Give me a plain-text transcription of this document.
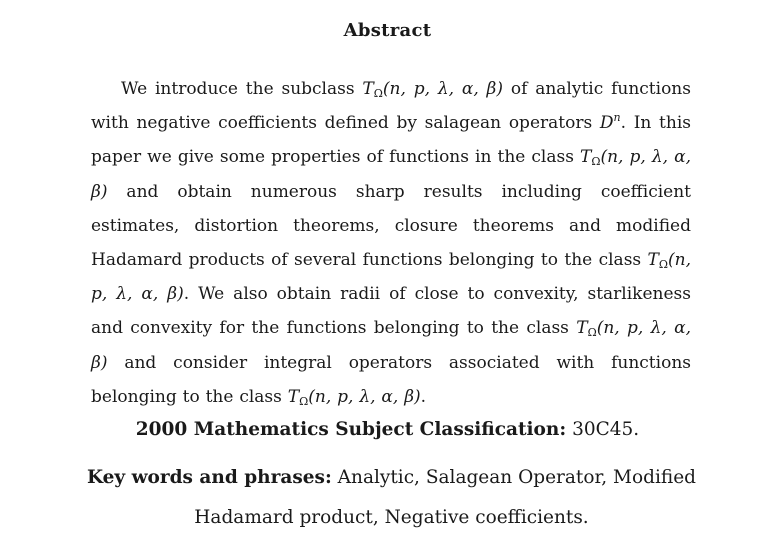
Abstract

We introduce the subclass $T_\Omega(n$, p, λ, α, β) of analytic functions with negative coefficients defined by salagean operators $D^n$. In this paper we give some properties of functions in the class $T_\Omega(n$, p, λ, α, β) and obtain numerous sharp results including coefficient estimates, distortion theorems, closure theorems and modified Hadamard products of several functions belonging to the class $T_\Omega(n$, p, λ, α, β). We also obtain radii of close to convexity, starlikeness and convexity for the functions belonging to the class $T_\Omega(n$, p, λ, α, β) and consider integral operators associated with functions belonging to the class $T_\Omega(n$, p, λ, α, β).

2000 Mathematics Subject Classification: 30C45.

Key words and phrases: Analytic, Salagean Operator, Modified Hadamard product, Negative coefficients.
